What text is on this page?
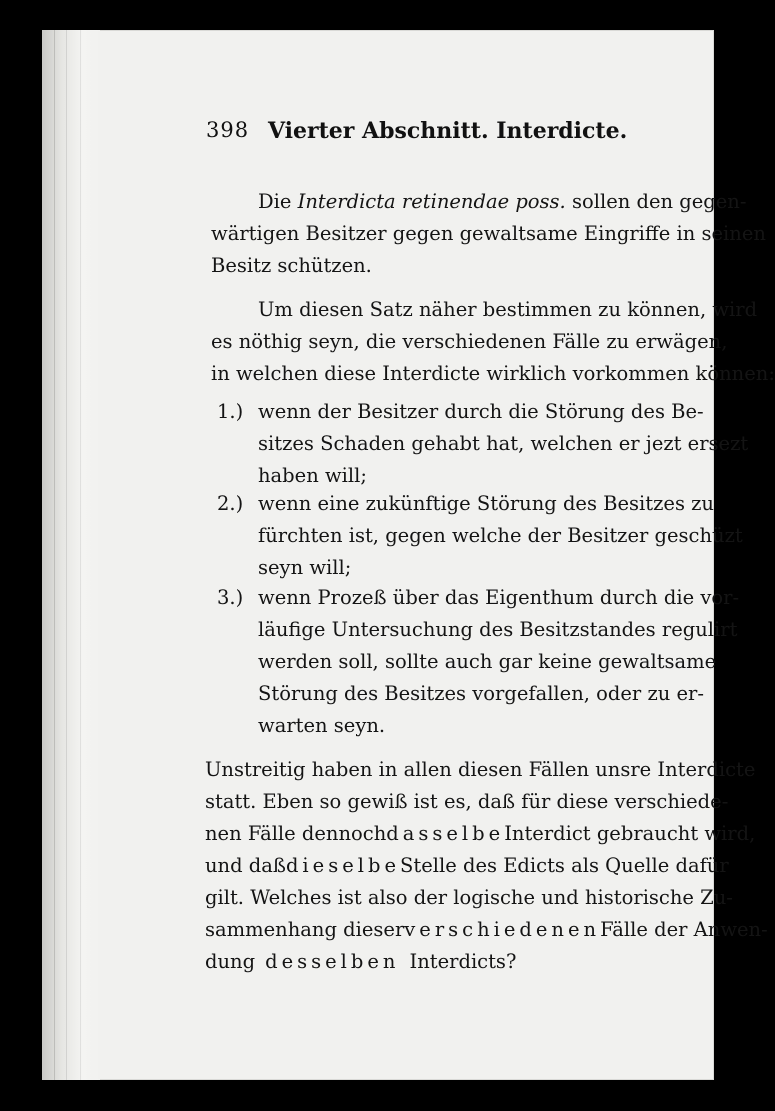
398 Vierter Abschnitt. Interdicte.
Die Interdicta retinendae poss. sollen den gegen-
wärtigen Besitzer gegen gewaltsame Eingriffe in seinen
Besitz schützen.
Um diesen Satz näher bestimmen zu können, wird
es nöthig seyn, die verschiedenen Fälle zu erwägen,
in welchen diese Interdicte wirklich vorkommen können:
1.) wenn der Besitzer durch die Störung des Be-
sitzes Schaden gehabt hat, welchen er jezt ersezt
haben will;
2.) wenn eine zukünftige Störung des Besitzes zu
fürchten ist, gegen welche der Besitzer geschüzt
seyn will;
3.) wenn Prozeß über das Eigenthum durch die vor-
läufige Untersuchung des Besitzstandes regulirt
werden soll, sollte auch gar keine gewaltsame
Störung des Besitzes vorgefallen, oder zu er-
warten seyn.
Unstreitig haben in allen diesen Fällen unsre Interdicte
statt. Eben so gewiß ist es, daß für diese verschiede-
nen Fälle dennoch dasselbe Interdict gebraucht wird,
und daß dieselbe Stelle des Edicts als Quelle dafür
gilt. Welches ist also der logische und historische Zu-
sammenhang dieser verschiedenen Fälle der Anwen-
dung desselben Interdicts?
